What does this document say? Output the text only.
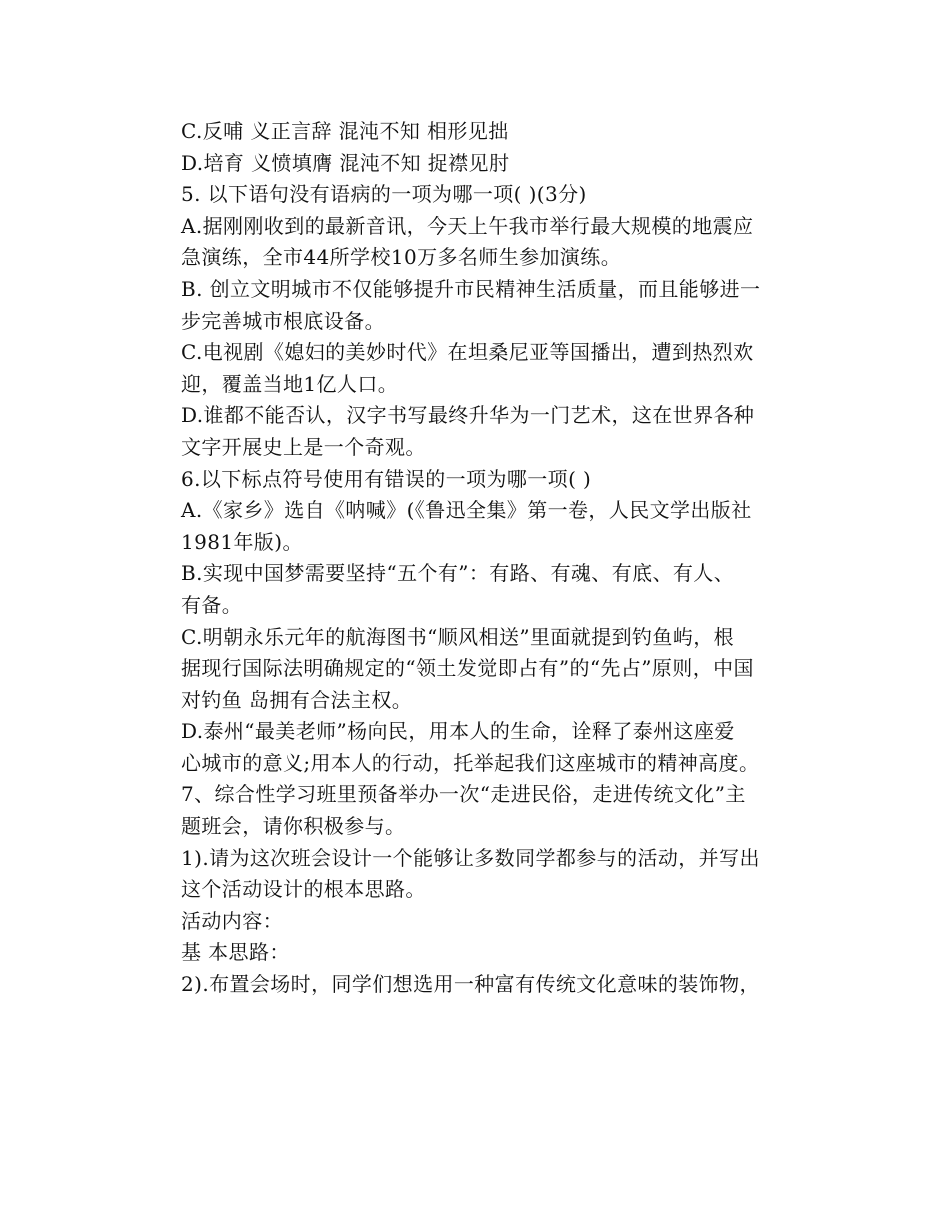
C.反哺 义正言辞 混沌不知 相形见拙

D.培育 义愤填膺 混沌不知 捉襟见肘

5. 以下语句没有语病的一项为哪一项( )(3分)

A.据刚刚收到的最新音讯，今天上午我市举行最大规模的地震应
急演练，全市44所学校10万多名师生参加演练。

B. 创立文明城市不仅能够提升市民精神生活质量，而且能够进一
步完善城市根底设备。

C.电视剧《媳妇的美妙时代》在坦桑尼亚等国播出，遭到热烈欢
迎，覆盖当地1亿人口。

D.谁都不能否认，汉字书写最终升华为一门艺术，这在世界各种
文字开展史上是一个奇观。

6.以下标点符号使用有错误的一项为哪一项( )

A.《家乡》选自《呐喊》(《鲁迅全集》第一卷，人民文学出版社
1981年版)。

B.实现中国梦需要坚持“五个有”：有路、有魂、有底、有人、
有备。

C.明朝永乐元年的航海图书“顺风相送”里面就提到钓鱼屿，根
据现行国际法明确规定的“领土发觉即占有”的“先占”原则，中国
对钓鱼 岛拥有合法主权。

D.泰州“最美老师”杨向民，用本人的生命，诠释了泰州这座爱
心城市的意义;用本人的行动，托举起我们这座城市的精神高度。

7、综合性学习班里预备举办一次“走进民俗，走进传统文化”主
题班会，请你积极参与。

1).请为这次班会设计一个能够让多数同学都参与的活动，并写出
这个活动设计的根本思路。

活动内容：

基 本思路：

2).布置会场时，同学们想选用一种富有传统文化意味的装饰物，
